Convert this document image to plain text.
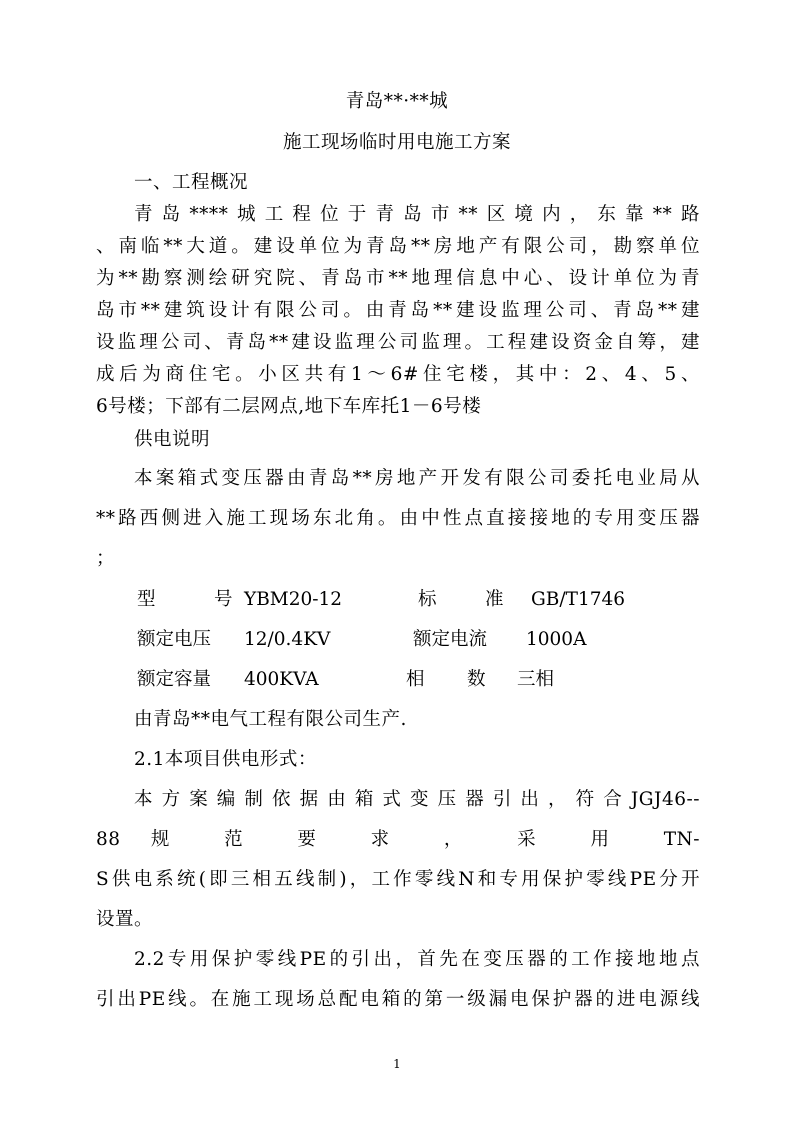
青岛**·**城
施工现场临时用电施工方案
一、工程概况
青岛****城工程位于青岛市**区境内，东靠**路
、南临**大道。建设单位为青岛**房地产有限公司，勘察单位
为**勘察测绘研究院、青岛市**地理信息中心、设计单位为青
岛市**建筑设计有限公司。由青岛**建设监理公司、青岛**建
设监理公司、青岛**建设监理公司监理。工程建设资金自筹，建
成后为商住宅。小区共有1～6#住宅楼，其中：2、4、5、
6号楼；下部有二层网点,地下车库托1－6号楼
供电说明
本案箱式变压器由青岛**房地产开发有限公司委托电业局从
**路西侧进入施工现场东北角。由中性点直接接地的专用变压器
；
型	号 YBM20-12	标	准 GB/T1746
额定电压 12/0.4KV	额定电流 1000A
额定容量 400KVA	相 数 三相
由青岛**电气工程有限公司生产.
2.1本项目供电形式：
本方案编制依据由箱式变压器引出，符合JGJ46--
88 规 范 要 求 ， 采 用 TN-
S供电系统(即三相五线制)，工作零线N和专用保护零线PE分开
设置。
2.2专用保护零线PE的引出，首先在变压器的工作接地地点
引出PE线。在施工现场总配电箱的第一级漏电保护器的进电源线
1
